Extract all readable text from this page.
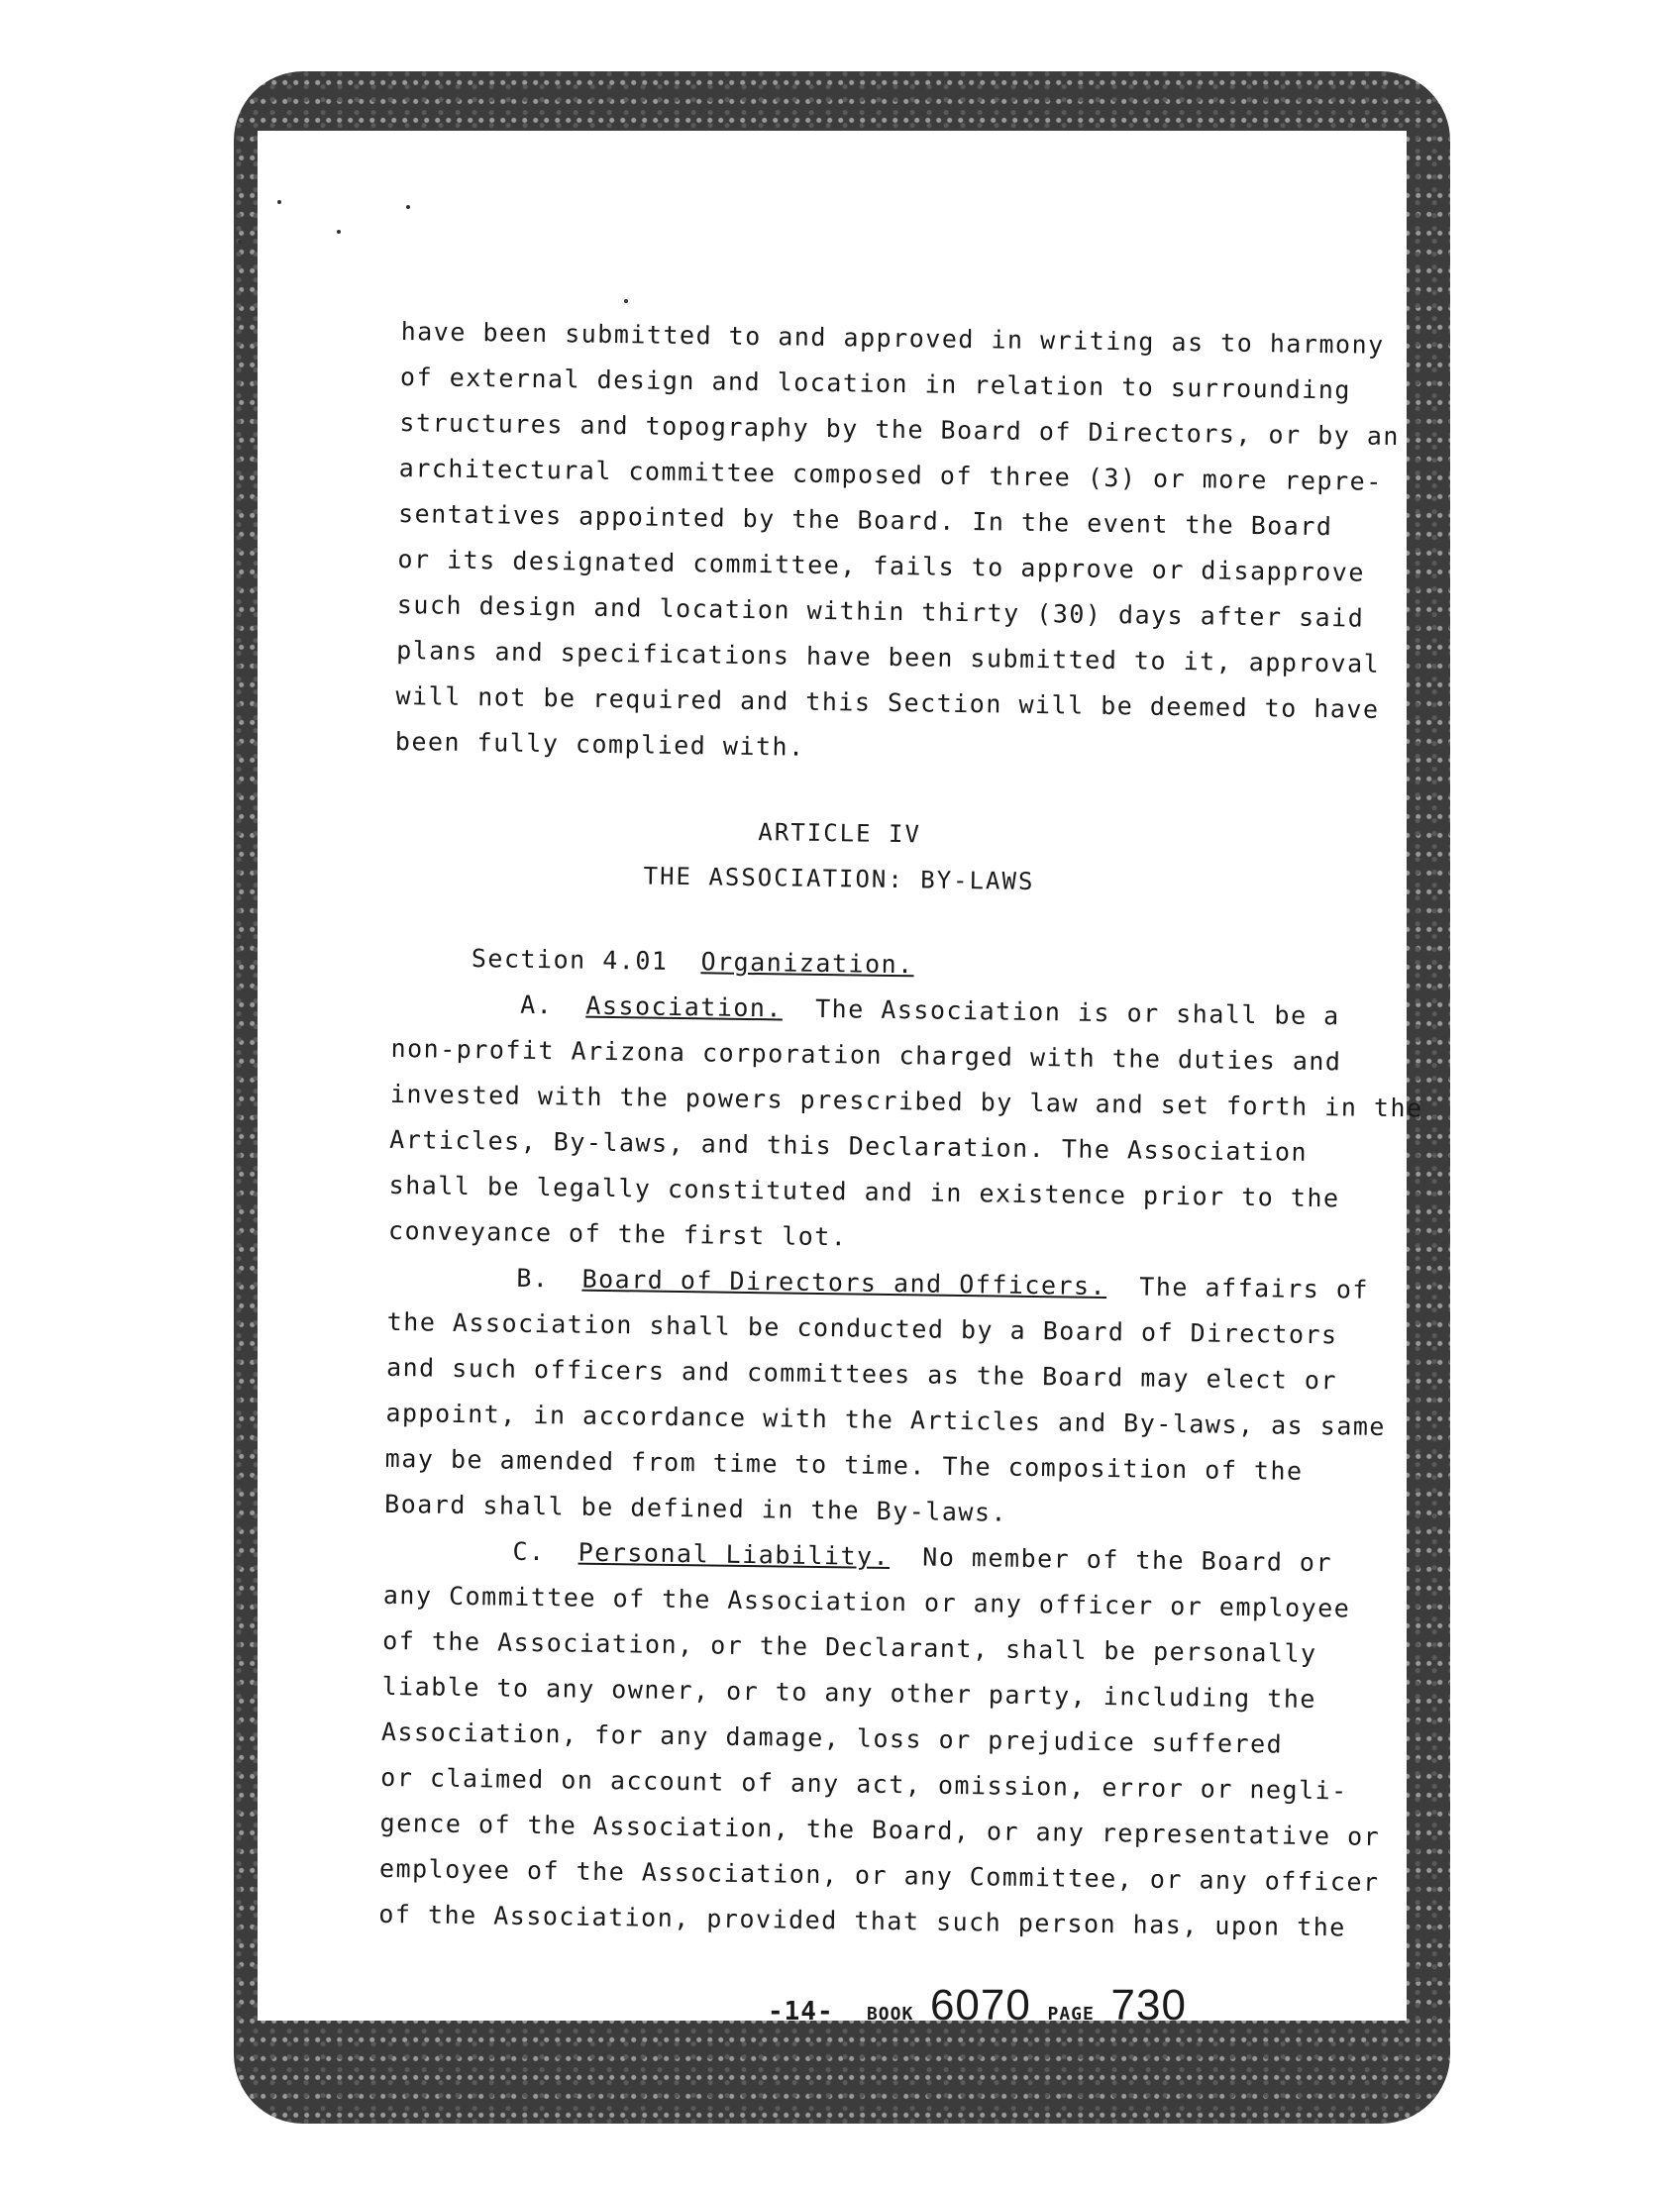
have been submitted to and approved in writing as to harmony
of external design and location in relation to surrounding
structures and topography by the Board of Directors, or by an
architectural committee composed of three (3) or more repre-
sentatives appointed by the Board. In the event the Board
or its designated committee, fails to approve or disapprove
such design and location within thirty (30) days after said
plans and specifications have been submitted to it, approval
will not be required and this Section will be deemed to have
been fully complied with.
ARTICLE IV
THE ASSOCIATION: BY-LAWS
Section 4.01 Organization.
A. Association. The Association is or shall be a
non-profit Arizona corporation charged with the duties and
invested with the powers prescribed by law and set forth in the
Articles, By-laws, and this Declaration. The Association
shall be legally constituted and in existence prior to the
conveyance of the first lot.
B. Board of Directors and Officers. The affairs of
the Association shall be conducted by a Board of Directors
and such officers and committees as the Board may elect or
appoint, in accordance with the Articles and By-laws, as same
may be amended from time to time. The composition of the
Board shall be defined in the By-laws.
C. Personal Liability. No member of the Board or
any Committee of the Association or any officer or employee
of the Association, or the Declarant, shall be personally
liable to any owner, or to any other party, including the
Association, for any damage, loss or prejudice suffered
or claimed on account of any act, omission, error or negli-
gence of the Association, the Board, or any representative or
employee of the Association, or any Committee, or any officer
of the Association, provided that such person has, upon the
-14- BOOK 6070 PAGE 730
